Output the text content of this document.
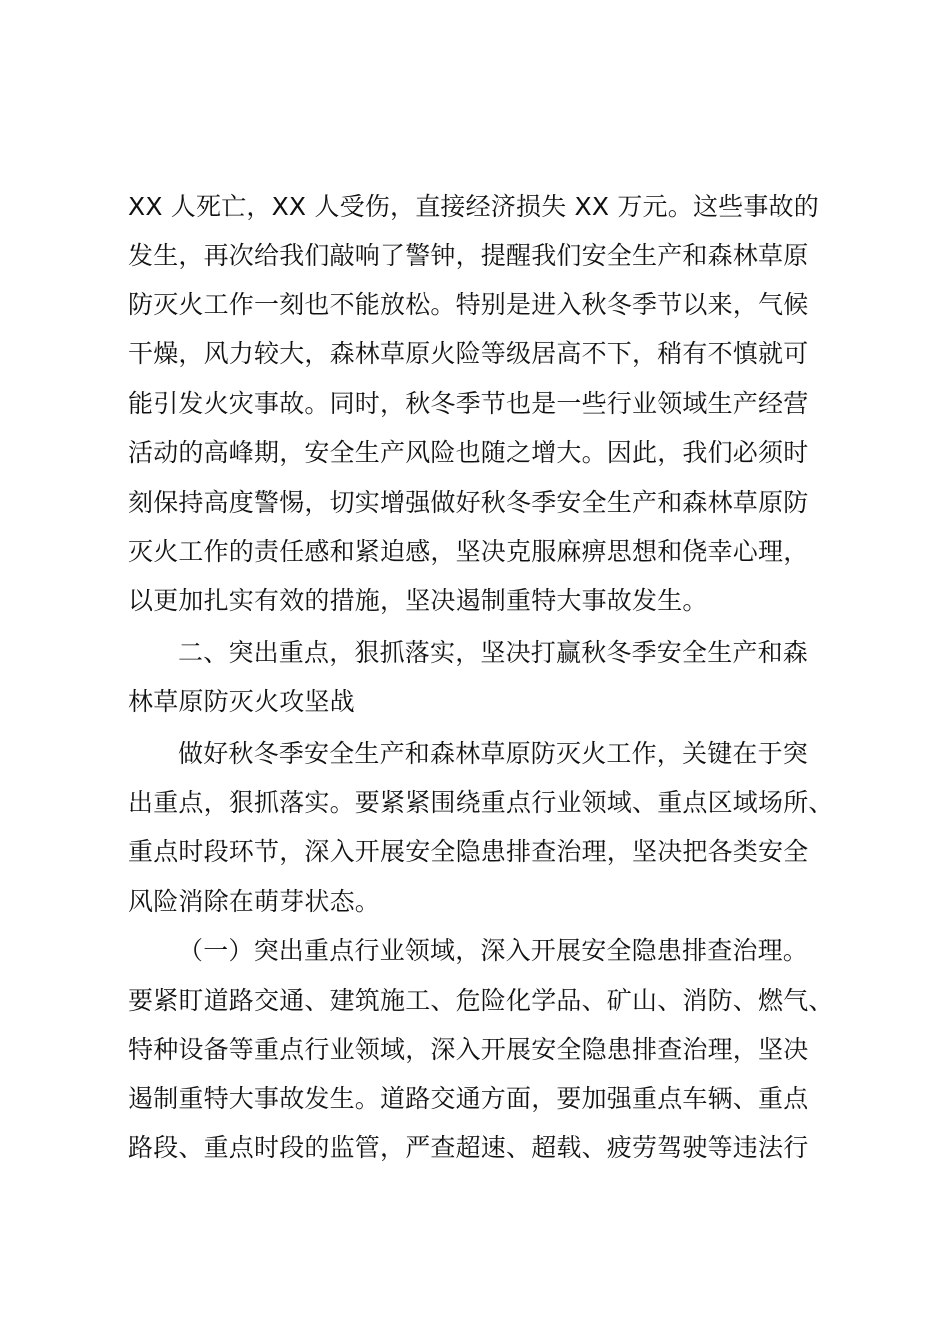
XX 人死亡，XX 人受伤，直接经济损失 XX 万元。这些事故的
发生，再次给我们敲响了警钟，提醒我们安全生产和森林草原
防灭火工作一刻也不能放松。特别是进入秋冬季节以来，气候
干燥，风力较大，森林草原火险等级居高不下，稍有不慎就可
能引发火灾事故。同时，秋冬季节也是一些行业领域生产经营
活动的高峰期，安全生产风险也随之增大。因此，我们必须时
刻保持高度警惕，切实增强做好秋冬季安全生产和森林草原防
灭火工作的责任感和紧迫感，坚决克服麻痹思想和侥幸心理，
以更加扎实有效的措施，坚决遏制重特大事故发生。
二、突出重点，狠抓落实，坚决打赢秋冬季安全生产和森
林草原防灭火攻坚战
做好秋冬季安全生产和森林草原防灭火工作，关键在于突
出重点，狠抓落实。要紧紧围绕重点行业领域、重点区域场所、
重点时段环节，深入开展安全隐患排查治理，坚决把各类安全
风险消除在萌芽状态。
（一）突出重点行业领域，深入开展安全隐患排查治理。
要紧盯道路交通、建筑施工、危险化学品、矿山、消防、燃气、
特种设备等重点行业领域，深入开展安全隐患排查治理，坚决
遏制重特大事故发生。道路交通方面，要加强重点车辆、重点
路段、重点时段的监管，严查超速、超载、疲劳驾驶等违法行
